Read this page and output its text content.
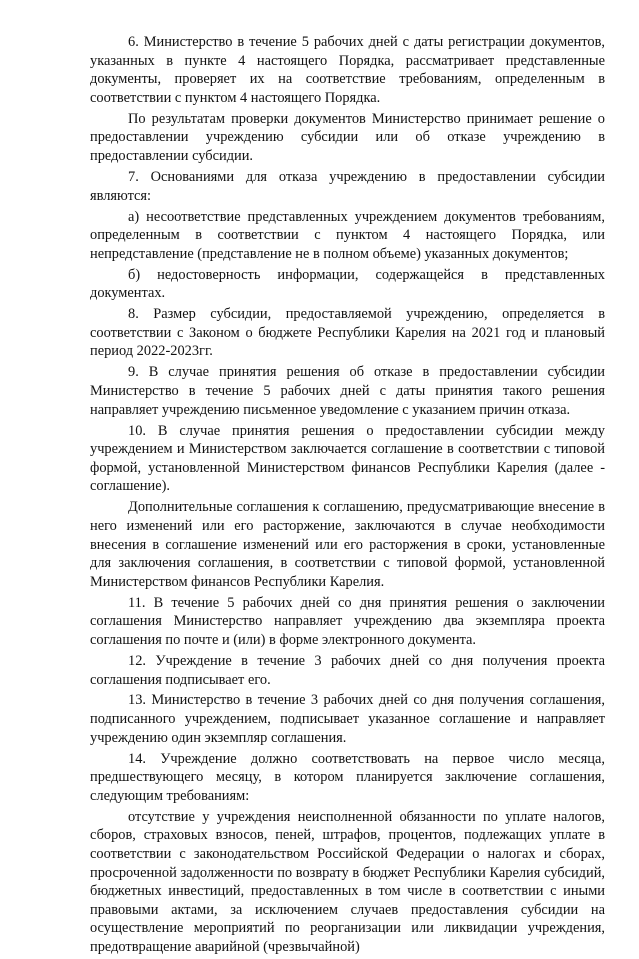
6. Министерство в течение 5 рабочих дней с даты регистрации документов, указанных в пункте 4 настоящего Порядка, рассматривает представленные документы, проверяет их на соответствие требованиям, определенным в соответствии с пунктом 4 настоящего Порядка.

По результатам проверки документов Министерство принимает решение о предоставлении учреждению субсидии или об отказе учреждению в предоставлении субсидии.

7. Основаниями для отказа учреждению в предоставлении субсидии являются:

а) несоответствие представленных учреждением документов требованиям, определенным в соответствии с пунктом 4 настоящего Порядка, или непредставление (представление не в полном объеме) указанных документов;

б) недостоверность информации, содержащейся в представленных документах.

8. Размер субсидии, предоставляемой учреждению, определяется в соответствии с Законом о бюджете Республики Карелия на 2021 год и плановый период 2022-2023гг.

9. В случае принятия решения об отказе в предоставлении субсидии Министерство в течение 5 рабочих дней с даты принятия такого решения направляет учреждению письменное уведомление с указанием причин отказа.

10. В случае принятия решения о предоставлении субсидии между учреждением и Министерством заключается соглашение в соответствии с типовой формой, установленной Министерством финансов Республики Карелия (далее - соглашение).

Дополнительные соглашения к соглашению, предусматривающие внесение в него изменений или его расторжение, заключаются в случае необходимости внесения в соглашение изменений или его расторжения в сроки, установленные для заключения соглашения, в соответствии с типовой формой, установленной Министерством финансов Республики Карелия.

11. В течение 5 рабочих дней со дня принятия решения о заключении соглашения Министерство направляет учреждению два экземпляра проекта соглашения по почте и (или) в форме электронного документа.

12. Учреждение в течение 3 рабочих дней со дня получения проекта соглашения подписывает его.

13. Министерство в течение 3 рабочих дней со дня получения соглашения, подписанного учреждением, подписывает указанное соглашение и направляет учреждению один экземпляр соглашения.

14. Учреждение должно соответствовать на первое число месяца, предшествующего месяцу, в котором планируется заключение соглашения, следующим требованиям:

отсутствие у учреждения неисполненной обязанности по уплате налогов, сборов, страховых взносов, пеней, штрафов, процентов, подлежащих уплате в соответствии с законодательством Российской Федерации о налогах и сборах, просроченной задолженности по возврату в бюджет Республики Карелия субсидий, бюджетных инвестиций, предоставленных в том числе в соответствии с иными правовыми актами, за исключением случаев предоставления субсидии на осуществление мероприятий по реорганизации или ликвидации учреждения, предотвращение аварийной (чрезвычайной)
